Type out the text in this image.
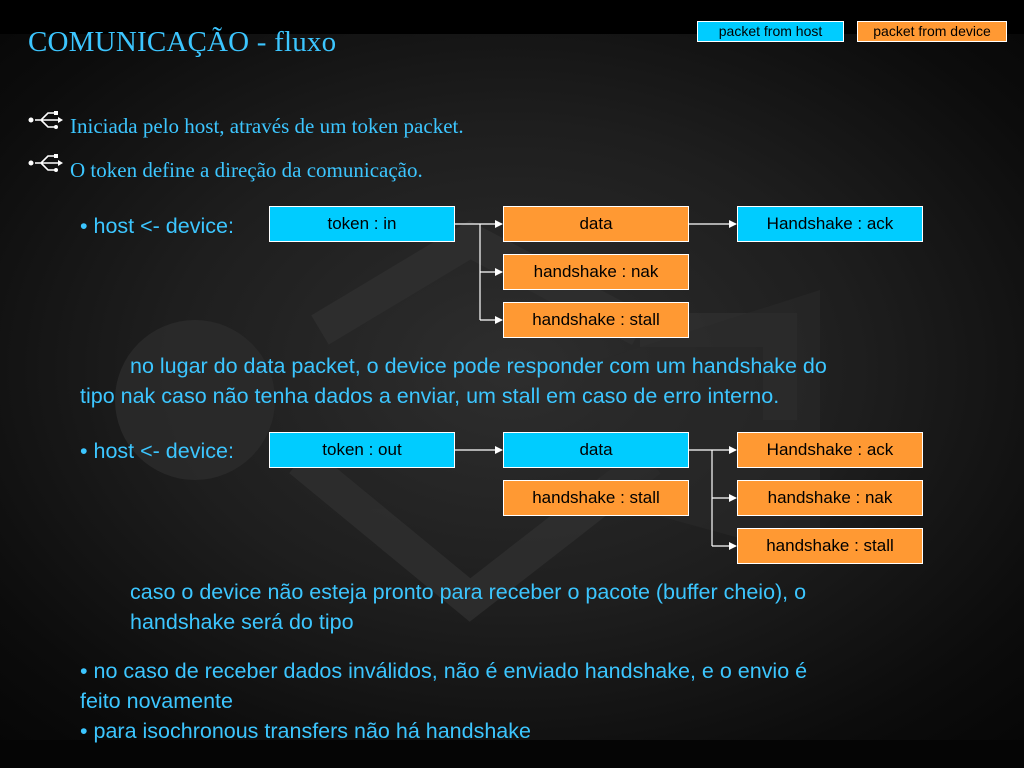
COMUNICAÇÃO - fluxo	packet from host	packet from device
Iniciada pelo host, através de um token packet.
O token define a direção da comunicação.
• host <- device:	token : in	data	Handshake : ack
handshake : nak
handshake : stall
no lugar do data packet, o device pode responder com um handshake do
tipo nak caso não tenha dados a enviar, um stall em caso de erro interno.
• host <- device:	token : out	data
handshake : stall
Handshake : ack
handshake : nak
handshake : stall
caso o device não esteja pronto para receber o pacote (buffer cheio), o
handshake será do tipo
• no caso de receber dados inválidos, não é enviado handshake, e o envio é
feito novamente
• para isochronous transfers não há handshake
